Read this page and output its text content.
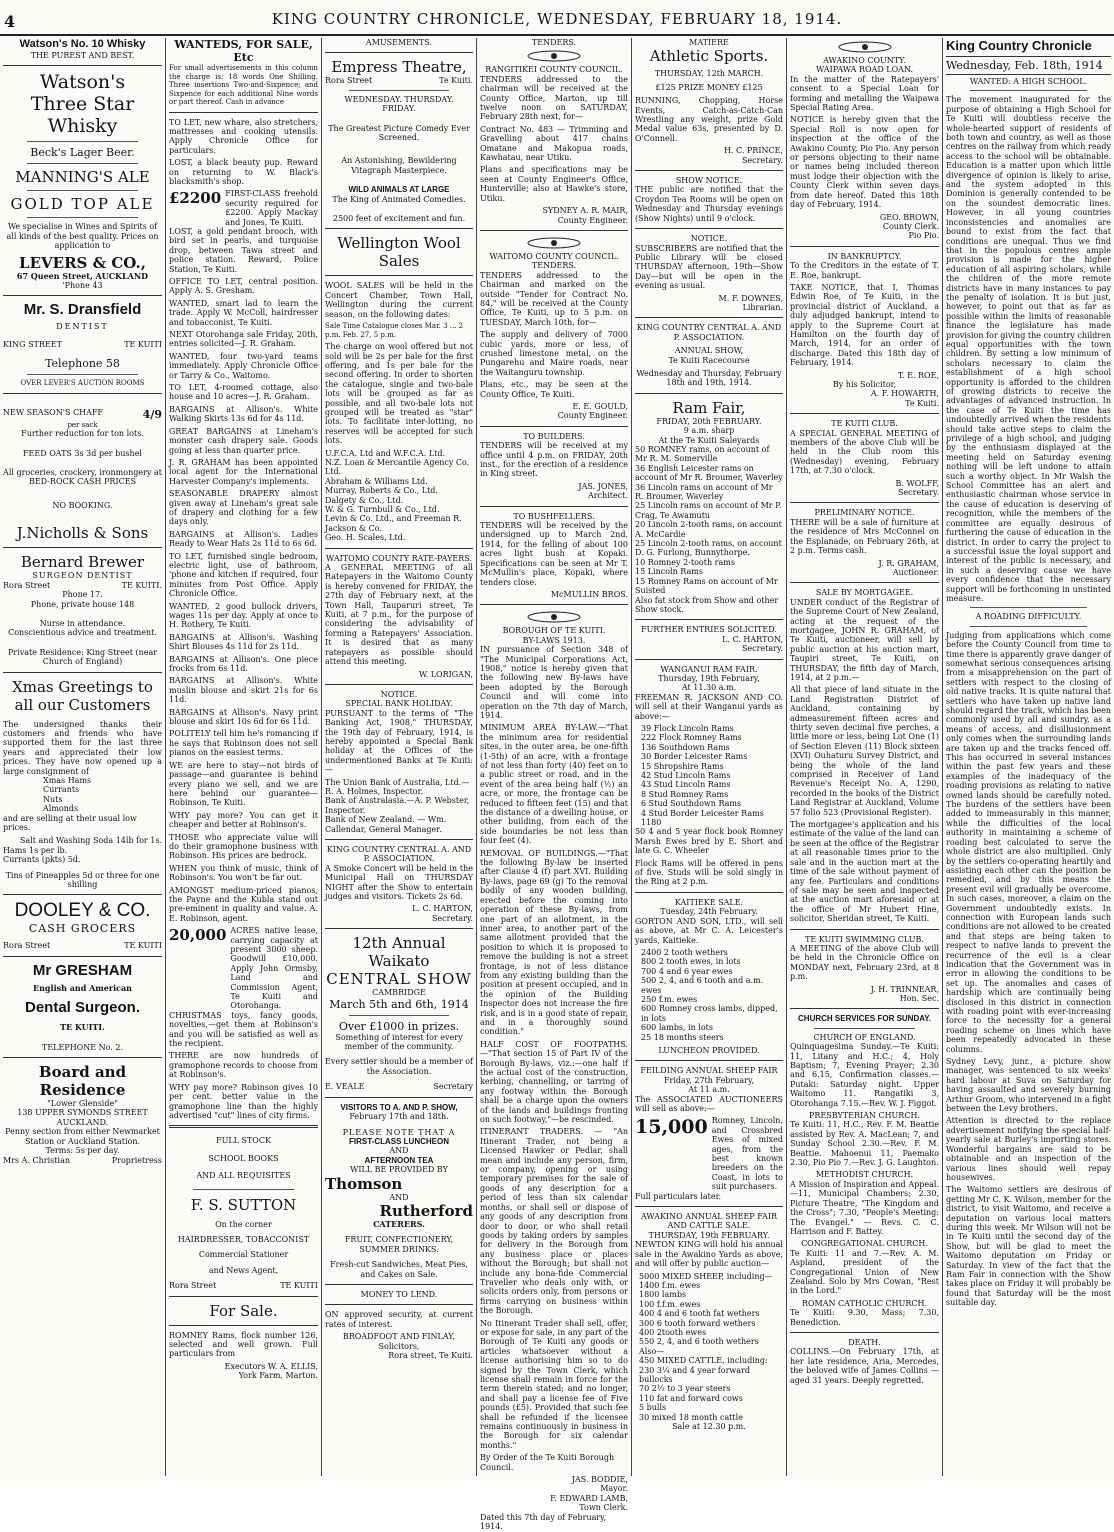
4	KING COUNTRY CHRONICLE, WEDNESDAY, FEBRUARY 18, 1914.
Watson's No. 10 Whisky
THE PUREST AND BEST.
Watson's
Three Star Whisky
Beck's Lager Beer.
MANNING'S ALE
GOLD TOP ALE
We specialise in Wines and Spirits of all kinds of the best quality. Prices on application to
LEVERS & CO.,
67 Queen Street, AUCKLAND
'Phone 43
Mr. S. Dransfield
DENTIST
KING STREET	TE KUITI
Telephone 58
OVER LEVER'S AUCTION ROOMS
NEW SEASON'S CHAFF	4/9
per sack
Further reduction for ton lots.
FEED OATS 3s 3d per bushel
All groceries, crockery, ironmongery at BED-ROCK CASH PRICES
NO BOOKING.
J.Nicholls & Sons
Bernard Brewer
SURGEON DENTIST
Rora Street	TE KUITI.
Phone 17.
Phone, private house 148
Nurse in attendance.
Conscientious advice and treatment.
Private Residence: King Street (near Church of England)
Xmas Greetings to all our Customers
The undersigned thanks their customers and friends who have supported them for the last three years and appreciated their low prices. They have now opened up a large consignment of
Xmas Hams
Currants
Nuts
Almonds
and are selling at their usual low prices.
Salt and Washing Soda 14lb for 1s.
Hams 1s per lb.
Currants (pkts) 5d.
Tins of Pineapples 5d or three for one shilling
DOOLEY & CO.
CASH GROCERS
Rora Street	TE KUITI
Mr GRESHAM
English and American
Dental Surgeon.
TE KUITI.
TELEPHONE No. 2.
Board and Residence
"Lower Glenside"
138 UPPER SYMONDS STREET
AUCKLAND.
Penny section from either Newmarket Station or Auckland Station.
Terms: 5s per day.
Mrs A. Christian	Proprietress
WANTEDS, FOR SALE, Etc
For small advertisements in this column the charge is: 18 words One Shilling. Three insertions Two-and-Sixpence; and Sixpence for each additional Nine words or part thereof. Cash in advance

TO LET, new whare, also stretchers, mattresses and cooking utensils. Apply Chronicle Office for particulars.

LOST, a black beauty pup. Reward on returning to W. Black's blacksmith's shop.

£2200 FIRST-CLASS freehold security required for £2200. Apply Mackay and Jones, Te Kuiti.

LOST, a gold pendant brooch, with bird set in pearls, and turquoise drop, between Tawa street and police station. Reward, Police Station, Te Kuiti.

OFFICE TO LET, central position. Apply A. S. Gresham.

WANTED, smart lad to learn the trade. Apply W. McColl, hairdresser and tobacconist, Te Kuiti.

NEXT Otorohanga sale Friday, 20th, entries solicited—J. R. Graham.

WANTED, four two-yard teams immediately. Apply Chronicle Office or Tarry & Co., Waitomo.

TO LET, 4-roomed cottage, also house and 10 acres—J. R. Graham.

BARGAINS at Allison's. White Walking Skirts 13s 6d for 4s 11d.

GREAT BARGAINS at Lineham's monster cash drapery sale. Goods going at less than quarter price.

J. R. GRAHAM has been appointed local agent for the International Harvester Company's implements.

SEASONABLE DRAPERY almost given away at Lineham's great sale of drapery and clothing for a few days only.

BARGAINS at Allison's. Ladies Ready to Wear Hats 2s 11d to 6s 6d.

TO LET, furnished single bedroom, electric light, use of bathroom, 'phone and kitchen if required, four minutes from Post Office. Apply Chronicle Office.

WANTED, 2 good bullock drivers, wages 11s per day. Apply at once to H. Rothery, Te Kuiti.

BARGAINS at Allison's. Washing Shirt Blouses 4s 11d for 2s 11d.

BARGAINS at Allison's. One piece frocks from 6s 11d.

BARGAINS at Allison's. White muslin blouse and skirt 21s for 6s 11d.

BARGAINS at Allison's. Navy print blouse and skirt 10s 6d for 6s 11d.

POLITELY tell him he's romancing if he says that Robinson does not sell pianos on the easiest terms.

WE are here to stay—not birds of passage—and guarantee is behind every piano we sell, and we are here behind our guarantee—Robinson, Te Kuiti.

WHY pay more? You can get it cheaper and better at Robinson's.

THOSE who appreciate value will do their gramophone business with Robinson. His prices are bedrock.

WHEN you think of music, think of Robinson's. You won't be far out.

AMONGST medium-priced pianos, the Payne and the Kubla stand out pre-eminent in quality and value. A. E. Robinson, agent.

20,000 ACRES native lease, carrying capacity at present 3000 sheep. Goodwill £10,000. Apply John Ormsby, Land and Commission Agent, Te Kuiti and Otorohanga.

CHRISTMAS toys, fancy goods, novelties,—get them at Robinson's and you will be satisfied as well as the recipient.

THERE are now hundreds of gramophone records to choose from at Robinson's.

WHY pay more? Robinson gives 10 per cent. better value in the gramophone line than the highly advertised "cut" lines of city firms.

FULL STOCK
SCHOOL BOOKS
AND ALL REQUISITES
F. S. SUTTON
On the corner
HAIRDRESSER, TOBACCONIST
Commercial Stationer
and News Agent,
Rora Street	TE KUITI
For Sale.

ROMNEY Rams, flock number 126, selected and well grown. Full particulars from

Executors W. A. ELLIS,
York Farm, Marton.
AMUSEMENTS.
Empress Theatre,
Rora Street	Te Kuiti.
WEDNESDAY. THURSDAY.
FRIDAY.
The Greatest Picture Comedy Ever Screened.
An Astonishing, Bewildering Vitagraph Masterpiece.
WILD ANIMALS AT LARGE
The King of Animated Comedies.
2500 feet of excitement and fun.
Wellington Wool Sales

WOOL SALES will be held in the Concert Chamber, Town Hall, Wellington during the current season, on the following dates:

Sale Time Catalogue closes Mar. 3 ... 2 p.m. Feb. 27, 5 p.m.

The charge on wool offered but not sold will be 2s per bale for the first offering, and 1s per bale for the second offering. In order to shorten the catalogue, single and two-bale lots will be grouped as far as possible, and all two-bale lots not grouped will be treated as "star" lots. To facilitate inter-lotting, no reserves will be accepted for such lots.

U.F.C.A. Ltd and W.F.C.A. Ltd.
N.Z. Loan & Mercantile Agency Co. Ltd.
Abraham & Williams Ltd.
Murray, Roberts & Co., Ltd.
Dalgety & Co., Ltd.
W. & G. Turnbull & Co., Ltd.
Levin & Co. Ltd., and Freeman R. Jackson & Co.
Geo. H. Scales, Ltd.
WAITOMO COUNTY RATE-PAYERS.

A GENERAL MEETING of all Ratepayers in the Waitomo County is hereby convened for FRIDAY, the 27th day of February next, at the Town Hall, Tauparuri street, Te Kuiti, at 7 p.m., for the purpose of considering the advisability of forming a Ratepayers' Association. It is desired that as many ratepayers as possible should attend this meeting.

W. LORIGAN,
NOTICE.
SPECIAL BANK HOLIDAY.

PURSUANT to the terms of "The Banking Act, 1908," THURSDAY, the 19th day of February, 1914, is hereby appointed a Special Bank holiday at the Offices of the undermentioned Banks at Te Kuiti:—

The Union Bank of Australia, Ltd.—R. A. Holmes, Inspector.
Bank of Australasia.—A. P. Webster, Inspector.
Bank of New Zealand. — Wm. Callendar, General Manager.
KING COUNTRY CENTRAL A. AND P. ASSOCIATION.

A Smoke Concert will be held in the Municipal Hall on THURSDAY NIGHT after the Show to entertain judges and visitors. Tickets 2s 6d.

L. C. HARTON,
Secretary.
12th Annual Waikato
CENTRAL SHOW
CAMBRIDGE
March 5th and 6th, 1914
Over £1000 in prizes.
Something of interest for every member of the community.
Every settler should be a member of the Association.
E. VEALE	Secretary
VISITORS TO A. AND P. SHOW,
February 17th and 18th.
PLEASE NOTE THAT A
FIRST-CLASS LUNCHEON
AND
AFTERNOON TEA
WILL BE PROVIDED BY
Thomson
AND
Rutherford
CATERERS.
FRUIT, CONFECTIONERY, SUMMER DRINKS.
Fresh-cut Sandwiches, Meat Pies, and Cakes on Sale.
MONEY TO LEND.

ON approved security, at current rates of interest.

BROADFOOT AND FINLAY,
Solicitors,
Rora street, Te Kuiti.
TENDERS.
RANGITIKEI COUNTY COUNCIL.

TENDERS addressed to the chairman will be received at the County Office, Marton, up till twelve noon on SATURDAY, February 28th next, for—

Contract No. 483 — Trimming and Gravelling about 417 chains Omatane and Makopua roads, Kawhatau, near Utiku.

Plans and specifications may be seen at County Engineer's Office, Hunterville; also at Hawke's store, Utiku.

SYDNEY A. R. MAIR,
County Engineer.
WAITOMO COUNTY COUNCIL.
TENDERS.

TENDERS addressed to the Chairman and marked on the outside "Tender for Contract No. 84," will be received at the County Office, Te Kuiti, up to 5 p.m. on TUESDAY, March 10th, for—

The supply and delivery of 7000 cubic yards, more or less, of crushed limestone metal, on the Pungarehu and Maire roads, near the Waitanguru township.

Plans, etc., may be seen at the County Office, Te Kuiti.

E. E. GOULD,
County Engineer.
TO BUILDERS.

TENDERS will be received at my office until 4 p.m. on FRIDAY, 20th inst., for the erection of a residence in King street.

JAS. JONES,
Architect.
TO BUSHFELLERS.

TENDERS will be received by the undersigned up to March 2nd, 1914, for the felling of about 100 acres light bush at Kopaki. Specifications can be seen at Mr T. McMullin's place, Kopaki, where tenders close.

McMULLIN BROS.
BOROUGH OF TE KUITI.
BY-LAWS 1913.

IN pursuance of Section 348 of "The Municipal Corporations Act, 1908," notice is hereby given that the following new By-laws have been adopted by the Borough Council and will come into operation on the 7th day of March, 1914.

MINIMUM AREA BY-LAW.—"That the minimum area for residential sites, in the outer area, be one-fifth (1-5th) of an acre, with a frontage of not less than forty (40) feet on to a public street or road, and in the event of the area being half (½) an acre, or more, the frontage can be reduced to fifteen feet (15) and that the distance of a dwelling house, or other building, from each of the side boundaries be not less than four feet (4).

REMOVAL OF BUILDINGS.—"That the following By-law be inserted after Clause 4 (f) part XVI. Building By-laws, page 69 (g) To the removal bodily of any wooden building, erected before the coming into operation of these By-laws, from one part of an allotment, in the inner area, to another part of the same allotment provided that the position to which it is proposed to remove the building is not a street frontage, is not of less distance from any existing building than the position at present occupied, and in the opinion of the Building Inspector does not increase the fire risk, and is in a good state of repair, and in a thoroughly sound condition."

HALF COST OF FOOTPATHS.—"That section 15 of Part IV of the Borough By-laws, viz.:—one half if the actual cost of the construction, kerbing, channelling, or tarring of any footway within the Borough shall be a charge upon the owners of the lands and buildings fronting on such footway,"—be rescinded.

ITINERANT TRADERS. — "An Itinerant Trader, not being a Licensed Hawker or Pedlar, shall mean and include any person, firm, or company, opening or using temporary premises for the sale of goods of any description for a period of less than six calendar months, or shall sell or dispose of any goods of any description from door to door, or who shall retail goods by taking orders by samples for delivery in the Borough from any business place or places without the Borough; but shall not include any bona-fide Commercial Traveller who deals only with, or solicits orders only, from persons or firms carrying on business within the Borough.

No Itinerant Trader shall sell, offer, or expose for sale, in any part of the Borough of Te Kuiti any goods or articles whatsoever without a license authorising him so to do signed by the Town Clerk, which license shall remain in force for the term therein stated; and no longer, and shall pay a license fee of Five pounds (£5). Provided that such fee shall be refunded if the licensee remains continuously in business in the Borough for six calendar months."

By Order of the Te Kuiti Borough Council.

JAS. BODDIE,
Mayor.
F. EDWARD LAMB,
Town Clerk.
Dated this 7th day of February, 1914.
MATIERE
Athletic Sports.
THURSDAY, 12th MARCH.
£125 PRIZE MONEY £125

RUNNING, Chopping, Horse Events, Catch-as-Catch-Can Wrestling any weight, prize Gold Medal value 63s, presented by D. O'Connell.

H. C. PRINCE,
Secretary.
SHOW NOTICE.

THE public are notified that the Croydon Tea Rooms will be open on Wednesday and Thursday evenings (Show Nights) until 9 o'clock.

NOTICE.

SUBSCRIBERS are notified that the Public Library will be closed THURSDAY afternoon, 19th—Show Day—but will be open in the evening as usual.

M. F. DOWNES,
Librarian.
KING COUNTRY CENTRAL A. AND P. ASSOCIATION.
ANNUAL SHOW,
Te Kuiti Racecourse
Wednesday and Thursday, February 18th and 19th, 1914.
Ram Fair,
FRIDAY, 20th FEBRUARY.
9 a.m. sharp
At the Te Kuiti Saleyards
50 ROMNEY rams, on account of Mr R. M. Somerville
36 English Leicester rams on account of Mr R. Broumer, Waverley
36 Lincoln rams on account of Mr R. Broumer, Waverley
25 Lincoln rams on account of Mr P. Crag, Te Awamutu
20 Lincoln 2-tooth rams, on account A. McCardie
25 Lincoln 2-tooth rams, on account D. G. Furlong, Bunnythorpe.
10 Romney 2-tooth rams
15 Lincoln Rams
15 Romney Rams on account of Mr Suisted
Also fat stock from Show and other Show stock.
FURTHER ENTRIES SOLICITED.
L. C. HARTON,
Secretary.
WANGANUI RAM FAIR.
Thursday, 19th February,
At 11.30 a.m.

FREEMAN R. JACKSON AND CO. will sell at their Wanganui yards as above:—

39 Flock Lincoln Rams
222 Flock Romney Rams
136 Southdown Rams
30 Border Leicester Rams
15 Shropshire Rams
42 Stud Lincoln Rams
43 Stud Lincoln Rams
8 Stud Romney Rams
6 Stud Southdown Rams
4 Stud Border Leicester Rams
1180

50 4 and 5 year flock book Romney Marsh Ewes bred by E. Short and late G. C. Wheeler

Flock Rams will be offered in pens of five. Studs will be sold singly in the Ring at 2 p.m.

KAITIEKE SALE.
Tuesday, 24th February.

GORTON AND SON, LTD., will sell as above, at Mr C. A. Leicester's yards, Kaitieke.

2400 2 tooth wethers
800 2 tooth ewes, in lots
700 4 and 6 year ewes
500 2, 4, and 6 tooth and a.m. ewes
250 f.m. ewes
600 Romney cross lambs, dipped, in lots
600 lambs, in lots
25 18 months steers
LUNCHEON PROVIDED.
FEILDING ANNUAL SHEEP FAIR
Friday, 27th February,
At 11 a.m.

The ASSOCIATED AUCTIONEERS will sell as above:—

15,000 Romney, Lincoln, and Crossbred Ewes of mixed ages, from the best known breeders on the Coast, in lots to suit purchasers.
Full particulars later.
AWAKINO ANNUAL SHEEP FAIR AND CATTLE SALE.
THURSDAY, 19th FEBRUARY.

NEWTON KING will hold his annual sale in the Awakino Yards as above, and will offer by public auction—

5000 MIXED SHEEP, including—
1400 f.m. ewes
1800 lambs
100 f.f.m. ewes
400 4 and 6 tooth fat wethers
300 6 tooth forward wethers
400 2tooth ewes
550 2, 4, and 6 tooth wethers
Also—
450 MIXED CATTLE, including:
230 3¼ and 4 year forward bullocks
70 2½ to 3 year steers
110 fat and forward cows
5 bulls
30 mixed 18 month cattle
Sale at 12.30 p.m.
AWAKINO COUNTY.
WAIPAWA ROAD LOAN.

In the matter of the Ratepayers' consent to a Special Loan for forming and metalling the Waipawa Special Rating Area.

NOTICE is hereby given that the Special Roll is now open for inspection at the office of the Awakino County, Pio Pio. Any person or persons objecting to their name or names being included thereon must lodge their objection with the County Clerk within seven days from date hereof. Dated this 18th day of February, 1914.

GEO. BROWN,
County Clerk.
Pio Pio.
IN BANKRUPTCY.

To the Creditors in the estate of T. E. Roe, bankrupt.

TAKE NOTICE, that I, Thomas Edwin Roe, of Te Kuiti, in the provincial district of Auckland, a duly adjudged bankrupt, intend to apply to the Supreme Court at Hamilton on the fourth day of March, 1914, for an order of discharge. Dated this 18th day of February, 1914.

T. E. ROE,
By his Solicitor,
A. F. HOWARTH,
Te Kuiti.
TE KUITI CLUB.

A SPECIAL GENERAL MEETING of members of the above Club will be held in the Club room this (Wednesday) evening, February 17th, at 7.30 o'clock.

B. WOLFF,
Secretary.
PRELIMINARY NOTICE.

THERE will be a sale of furniture at the residence of Mrs McConnel on the Esplanade, on February 26th, at 2 p.m. Terms cash.

J. R. GRAHAM,
Auctioneer.
SALE BY MORTGAGEE.

UNDER conduct of the Registrar of the Supreme Court of New Zealand, acting at the request of the mortgagee, JOHN R. GRAHAM, of Te Kuiti, auctioneer, will sell by public auction at his auction mart, Taupiri street, Te Kuiti, on THURSDAY, the fifth day of March, 1914, at 2 p.m.—

All that piece of land situate in the Land Registration District of Auckland, containing by admeasurement fifteen acres and thirty seven decimal five perches, a little more or less, being Lot One (1) of Section Eleven (11) Block sixteen (XVI) Ouhaturu Survey District, and being the whole of the land comprised in Receiver of Land Revenue's Receipt No. A, 1290, recorded in the books of the District Land Registrar at Auckland, Volume 57 folio 523 (Provisional Register).

The mortgagee's application and his estimate of the value of the land can be seen at the office of the Registrar at all reasonable times prior to the sale and in the auction mart at the time of the sale without payment of any fee. Particulars and conditions of sale may be seen and inspected at the auction mart aforesaid or at the office of Mr Hubert Hine, solicitor, Sheridan street, Te Kuiti.

TE KUITI SWIMMING CLUB.

A MEETING of the above Club will be held in the Chronicle Office on MONDAY next, February 23rd, at 8 p.m.

J. H. TRINNEAR,
Hon. Sec.
CHURCH SERVICES FOR SUNDAY.
CHURCH OF ENGLAND.

Quinquagesima Sunday.—Te Kuiti: 11, Litany and H.C.; 4, Holy Baptism; 7, Evening Prayer; 2.30 and 6.15, Confirmation classes.—Putaki: Saturday night. Upper Waitomo 11. Rangatiki 3, Otorohanga 7.15.—Rev. W. J. Figgot.

PRESBYTERIAN CHURCH.

Te Kuiti: 11, H.C., Rev. F. M. Beattie assisted by Rev. A. MacLean; 7, and Sunday School 2.30.—Rev. F. M. Beattie. Mahoenui 11, Paemako 2.30, Pio Pio 7.—Rev. J. G. Laughton.

METHODIST CHURCH.

A Mission of Inspiration and Appeal.—11, Municipal Chambers; 2.30, Picture Theatre, "The Kingdom and the Cross"; 7.30, "People's Meeting: The Evangel." — Revs. C. C. Harrison and F. Battey.

CONGREGATIONAL CHURCH.

Te Kuiti: 11 and 7.—Rev. A. M. Aspland, president of the Congregational Union of New Zealand. Solo by Mrs Cowan, "Rest in the Lord."

ROMAN CATHOLIC CHURCH.

Te Kuiti: 9.30, Mass; 7.30, Benediction.

DEATH.

COLLINS.—On February 17th, at her late residence, Aria, Mercedes, the beloved wife of James Collins —aged 31 years. Deeply regretted.

King Country Chronicle
Wednesday, Feb. 18th, 1914
WANTED: A HIGH SCHOOL.

The movement inaugurated for the purpose of obtaining a High School for Te Kuiti will doubtless receive the whole-hearted support of residents of both town and country, as well as those centres on the railway from which ready access to the school will be obtainable. Education is a matter upon which little divergence of opinion is likely to arise, and the system adopted in this Dominion is generally contended to be on the soundest democratic lines. However, in all young countries inconsistencies and anomalies are bound to exist from the fact that conditions are unequal. Thus we find that in the populous centres ample provision is made for the higher education of all aspiring scholars, while the children of the more remote districts have in many instances to pay the penalty of isolation. It is but just, however, to point out that as far as possible within the limits of reasonable finance the legislature has made provision for giving the country children equal opportunities with the town children. By setting a low minimum of scholars necessary to claim the establishment of a high school opportunity is afforded to the children of growing districts to receive the advantages of advanced instruction. In the case of Te Kuiti the time has undoubtedly arrived when the residents should take active steps to claim the privilege of a high school, and judging by the enthusiasm displayed at the meeting held on Saturday evening nothing will be left undone to attain such a worthy object. In Mr Walsh the School Committee has an alert and enthusiastic chairman whose service in the cause of education is deserving of recognition, while the members of the committee are equally desirous of furthering the cause of education in the district. In order to carry the project to a successful issue the loyal support and interest of the public is necessary, and in such a deserving cause we have every confidence that the necessary support will be forthcoming in unstinted measure.

A ROADING DIFFICULTY.

Judging from applications which come before the County Council from time to time there is apparently grave danger of somewhat serious consequences arising from a misapprehension on the part of settlers with respect to the closing of old native tracks. It is quite natural that settlers who have taken up native land should regard the track, which has been commonly used by all and sundry, as a means of access, and disillusionment only comes when the surrounding lands are taken up and the tracks fenced off. This has occurred in several instances within the past few years and these examples of the inadequacy of the roading provisions as relating to native owned lands should be carefully noted. The burdens of the settlers have been added to immeasurably in this manner, while the difficulties of the local authority in maintaining a scheme of roading best calculated to serve the whole district are also multiplied. Only by the settlers co-operating heartily and assisting each other can the position be remedied, and by this means the present evil will gradually be overcome. In such cases, moreover, a claim on the Government undoubtedly exists. In connection with European lands such conditions are not allowed to be created and that steps are being taken to respect to native lands to prevent the recurrence of the evil is a clear indication that the Government was in error in allowing the conditions to be set up. The anomalies and cases of hardship which are continually being disclosed in this district in connection with roading point with ever-increasing force to the necessity for a general roading scheme on lines which have been repeatedly advocated in these columns.

Sydney Levy, junr., a picture show manager, was sentenced to six weeks' hard labour at Suva on Saturday for having assaulted and severely burning Arthur Groom, who intervened in a fight between the Levy brothers.

Attention is directed to the replace advertisement notifying the special half-yearly sale at Burley's importing stores. Wonderful bargains are said to be obtainable and an inspection of the various lines should well repay housewives.

The Waitomo settlers are desirous of getting Mr C. K. Wilson, member for the district, to visit Waitomo, and receive a deputation on various local matters during this week. Mr Wilson will not be in Te Kuiti until the second day of the Show, but will be glad to meet the Waitomo deputation on Friday or Saturday. In view of the fact that the Ram Fair in connection with the Show takes place on Friday it will probably be found that Saturday will be the most suitable day.
